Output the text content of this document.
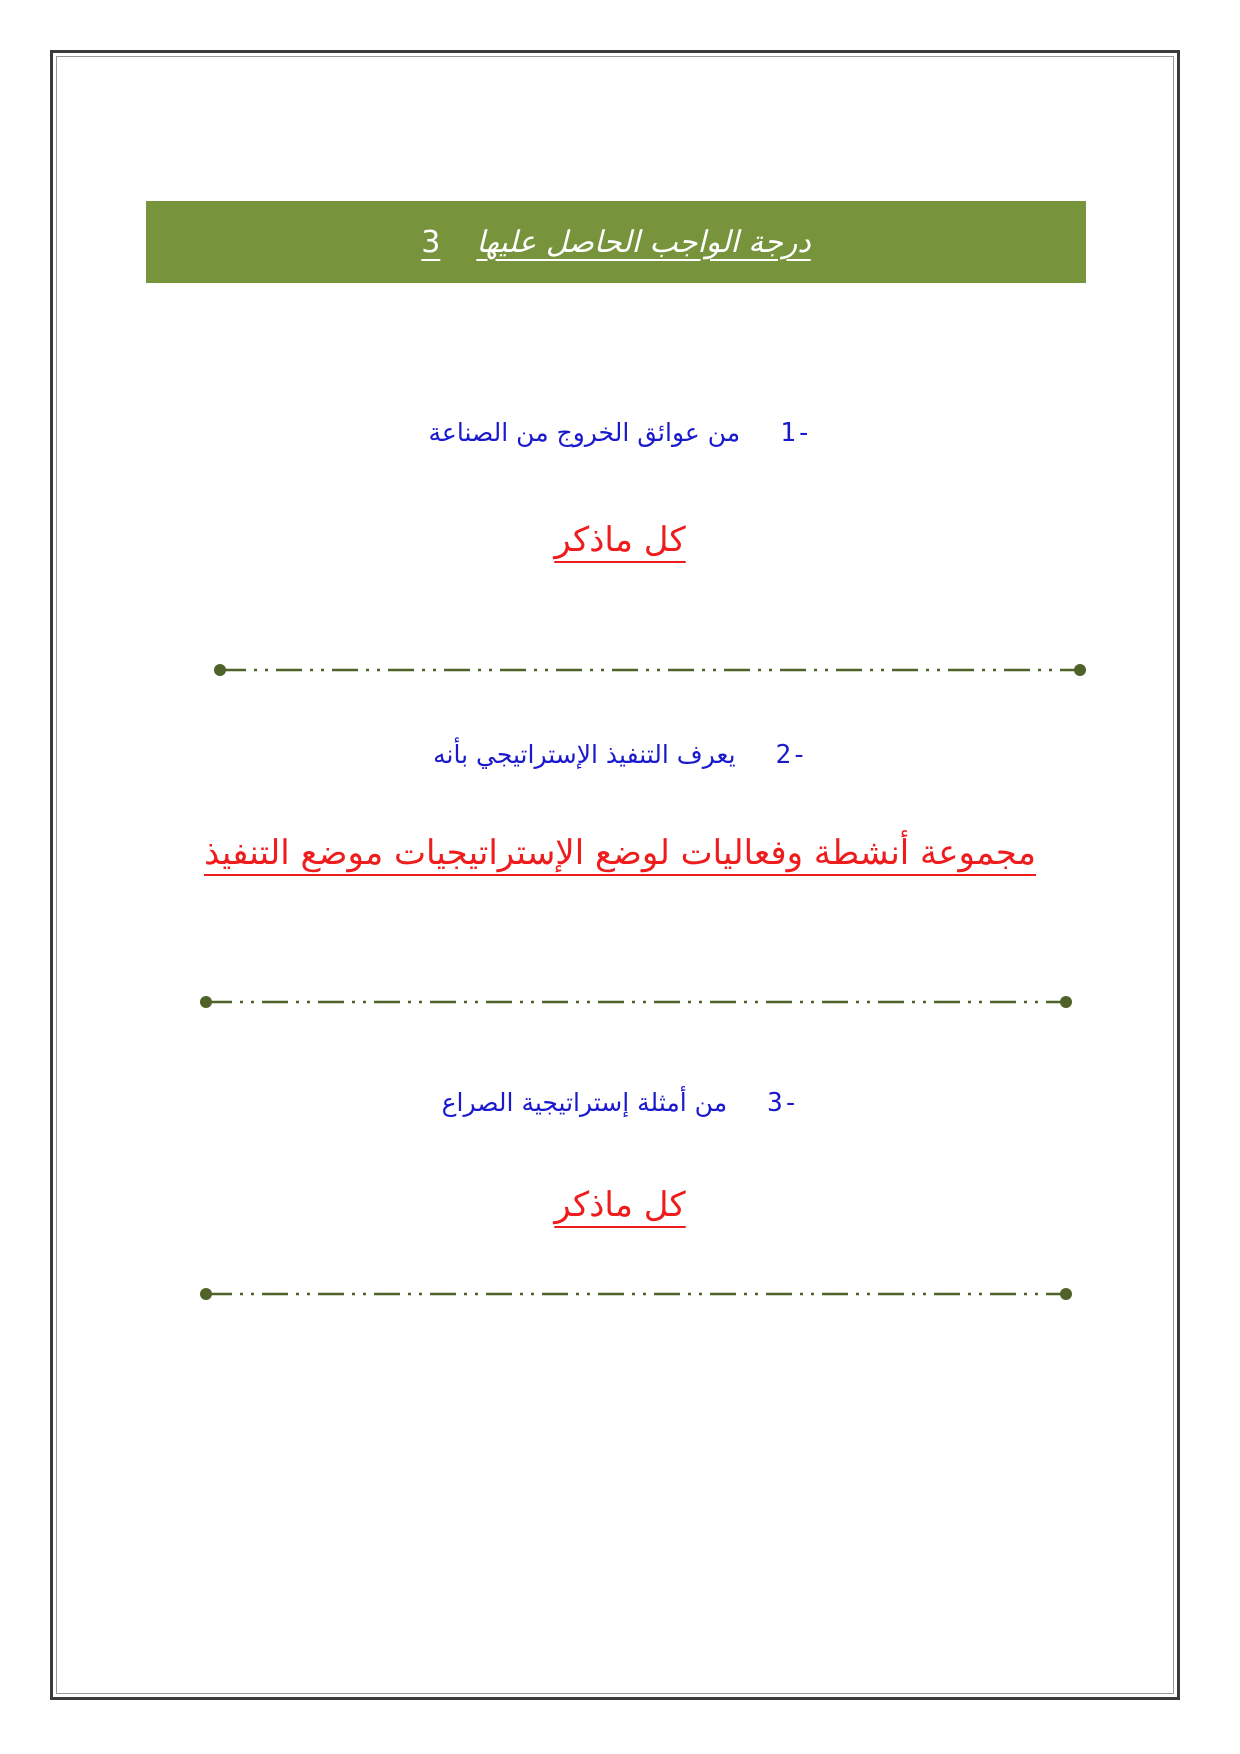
درجة الواجب الحاصل عليها3
1-
من عوائق الخروج من الصناعة
كل ماذكر
2-
يعرف التنفيذ الإستراتيجي بأنه
مجموعة أنشطة وفعاليات لوضع الإستراتيجيات موضع التنفيذ
3-
من أمثلة إستراتيجية الصراع
كل ماذكر
